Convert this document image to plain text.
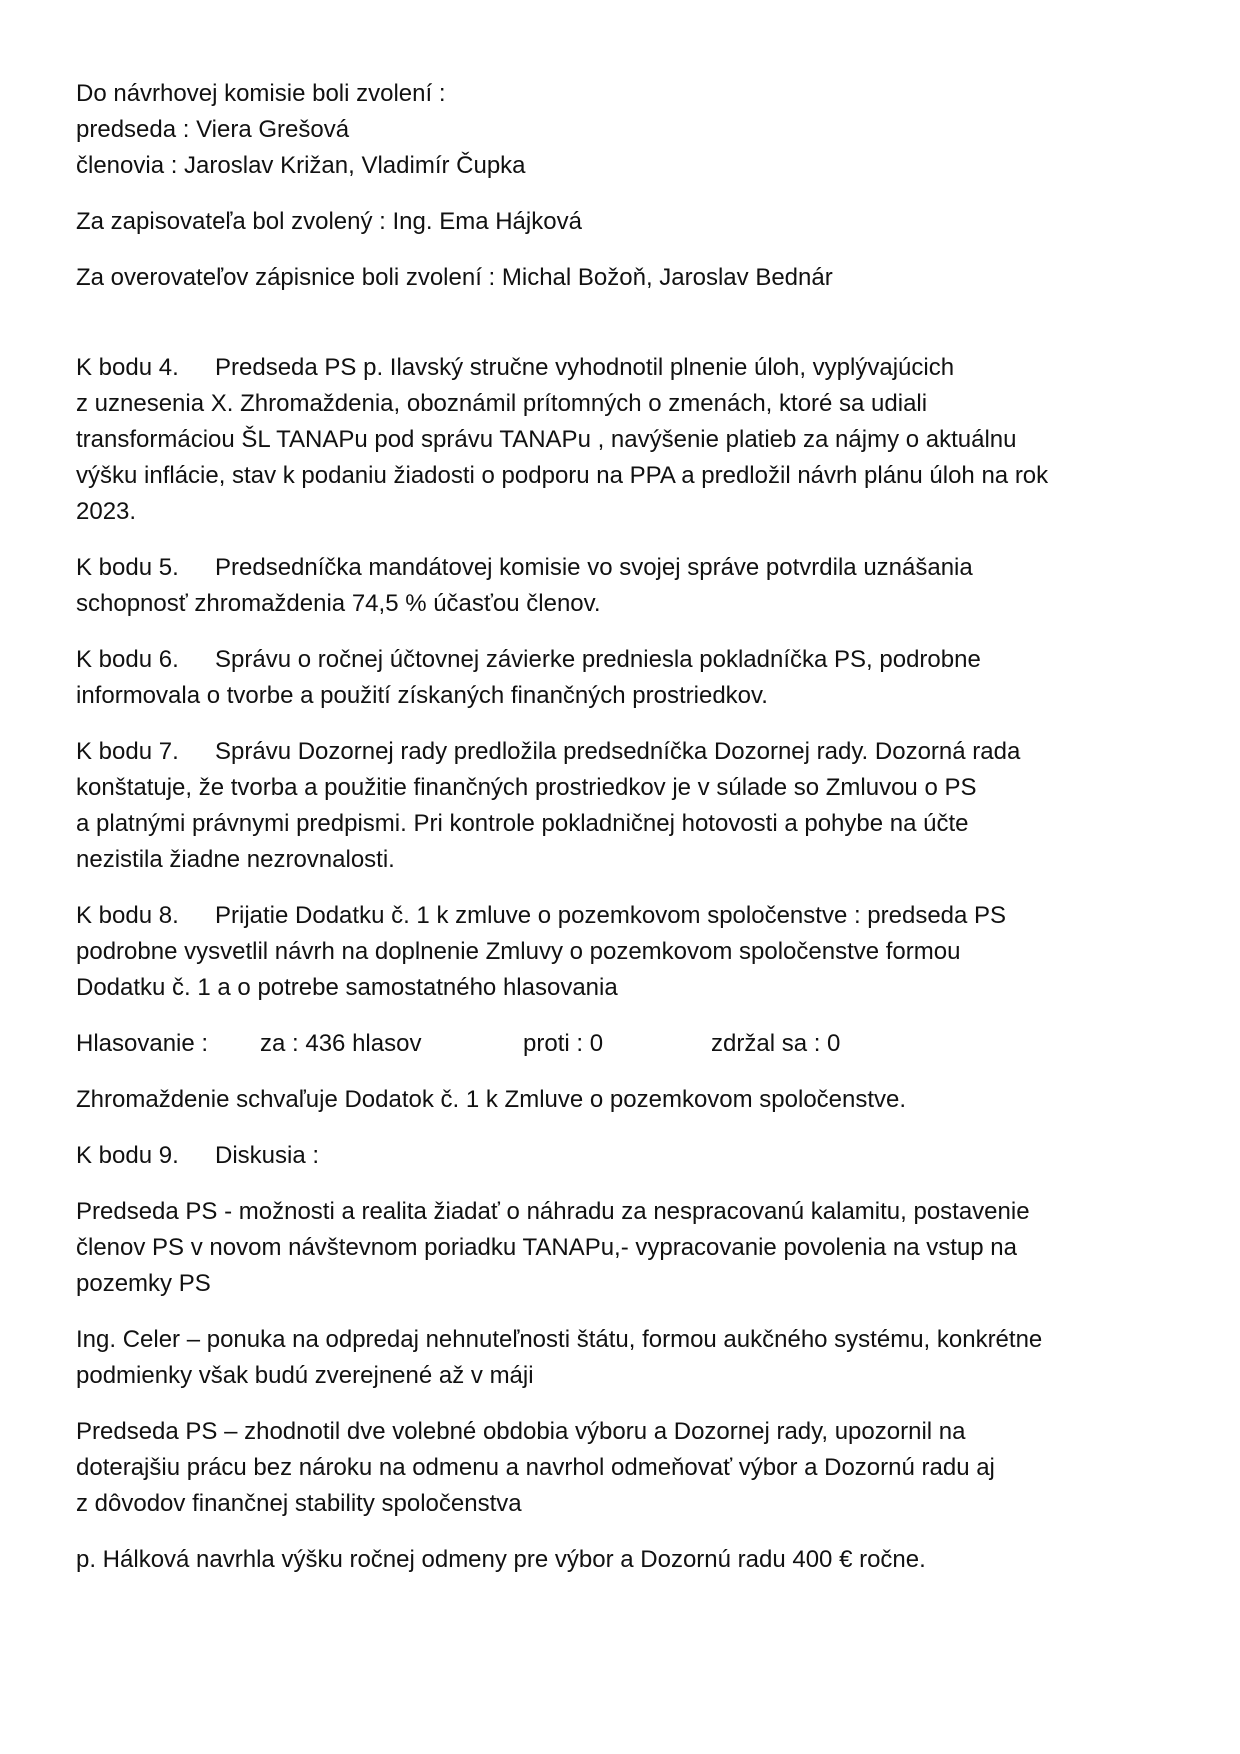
Do návrhovej komisie boli zvolení :

predseda : Viera Grešová

členovia : Jaroslav Križan, Vladimír Čupka

Za zapisovateľa bol zvolený : Ing. Ema Hájková

Za overovateľov zápisnice boli zvolení : Michal Božoň, Jaroslav Bednár

K bodu 4. Predseda PS p. Ilavský stručne vyhodnotil plnenie úloh, vyplývajúcich

z uznesenia X. Zhromaždenia, oboznámil prítomných o zmenách, ktoré sa udiali

transformáciou ŠL TANAPu pod správu TANAPu , navýšenie platieb za nájmy o aktuálnu

výšku inflácie, stav k podaniu žiadosti o podporu na PPA a predložil návrh plánu úloh na rok

2023.

K bodu 5. Predsedníčka mandátovej komisie vo svojej správe potvrdila uznášania

schopnosť zhromaždenia 74,5 % účasťou členov.

K bodu 6. Správu o ročnej účtovnej závierke predniesla pokladníčka PS, podrobne

informovala o tvorbe a použití získaných finančných prostriedkov.

K bodu 7. Správu Dozornej rady predložila predsedníčka Dozornej rady. Dozorná rada

konštatuje, že tvorba a použitie finančných prostriedkov je v súlade so Zmluvou o PS

a platnými právnymi predpismi. Pri kontrole pokladničnej hotovosti a pohybe na účte

nezistila žiadne nezrovnalosti.

K bodu 8. Prijatie Dodatku č. 1 k zmluve o pozemkovom spoločenstve : predseda PS

podrobne vysvetlil návrh na doplnenie Zmluvy o pozemkovom spoločenstve formou

Dodatku č. 1 a o potrebe samostatného hlasovania

Hlasovanie : za : 436 hlasov	proti : 0	zdržal sa : 0

Zhromaždenie schvaľuje Dodatok č. 1 k Zmluve o pozemkovom spoločenstve.

K bodu 9. Diskusia :

Predseda PS - možnosti a realita žiadať o náhradu za nespracovanú kalamitu, postavenie

členov PS v novom návštevnom poriadku TANAPu,- vypracovanie povolenia na vstup na

pozemky PS

Ing. Celer – ponuka na odpredaj nehnuteľnosti štátu, formou aukčného systému, konkrétne

podmienky však budú zverejnené až v máji

Predseda PS – zhodnotil dve volebné obdobia výboru a Dozornej rady, upozornil na

doterajšiu prácu bez nároku na odmenu a navrhol odmeňovať výbor a Dozornú radu aj

z dôvodov finančnej stability spoločenstva

p. Hálková navrhla výšku ročnej odmeny pre výbor a Dozornú radu 400 € ročne.
